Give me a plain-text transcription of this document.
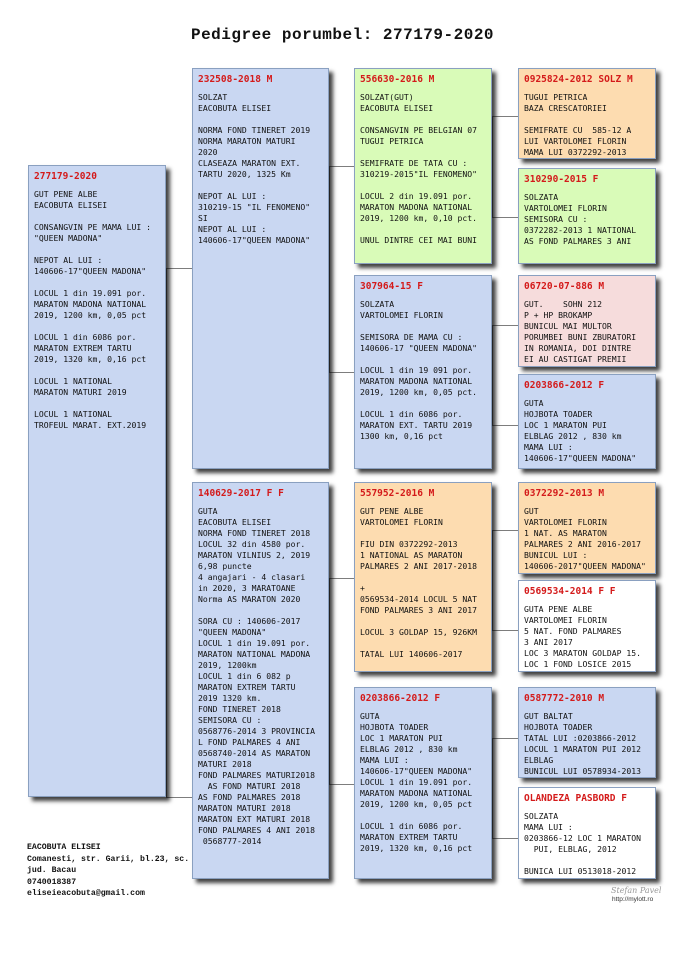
Pedigree porumbel: 277179-2020
277179-2020
GUT PENE ALBE
EACOBUTA ELISEI
CONSANGVIN PE MAMA LUI :
"QUEEN MADONA"
NEPOT AL LUI :
140606-17"QUEEN MADONA"
LOCUL 1 din 19.091 por.
MARATON MADONA NATIONAL
2019, 1200 km, 0,05 pct
LOCUL 1 din 6086 por.
MARATON EXTREM TARTU
2019, 1320 km, 0,16 pct
LOCUL 1 NATIONAL
MARATON MATURI 2019
LOCUL 1 NATIONAL
TROFEUL MARAT. EXT.2019
232508-2018 M
SOLZAT
EACOBUTA ELISEI
NORMA FOND TINERET 2019
NORMA MARATON MATURI
2020
CLASEAZA MARATON EXT.
TARTU 2020, 1325 Km
NEPOT AL LUI :
310219-15 "IL FENOMENO"
SI
NEPOT AL LUI :
140606-17"QUEEN MADONA"
140629-2017 F F
GUTA
EACOBUTA ELISEI
NORMA FOND TINERET 2018
LOCUL 32 din 4580 por.
MARATON VILNIUS 2, 2019
6,98 puncte
4 angajari - 4 clasari
in 2020, 3 MARATOANE
Norma AS MARATON 2020
SORA CU : 140606-2017
"QUEEN MADONA"
LOCUL 1 din 19.091 por.
MARATON NATIONAL MADONA
2019, 1200km
LOCUL 1 din 6 082 p
MARATON EXTREM TARTU
2019 1320 km.
FOND TINERET 2018
SEMISORA CU :
0568776-2014 3 PROVINCIA
L FOND PALMARES 4 ANI
0568740-2014 AS MARATON
MATURI 2018
FOND PALMARES MATURI2018
AS FOND MATURI 2018
AS FOND PALMARES 2018
MARATON MATURI 2018
MARATON EXT MATURI 2018
FOND PALMARES 4 ANI 2018
0568777-2014
556630-2016 M
SOLZAT(GUT)
EACOBUTA ELISEI
CONSANGVIN PE BELGIAN 07
TUGUI PETRICA
SEMIFRATE DE TATA CU :
310219-2015"IL FENOMENO"
LOCUL 2 din 19.091 por.
MARATON MADONA NATIONAL
2019, 1200 km, 0,10 pct.
UNUL DINTRE CEI MAI BUNI
307964-15 F
SOLZATA
VARTOLOMEI FLORIN
SEMISORA DE MAMA CU :
140606-17 "QUEEN MADONA"
LOCUL 1 din 19 091 por.
MARATON MADONA NATIONAL
2019, 1200 km, 0,05 pct.
LOCUL 1 din 6086 por.
MARATON EXT. TARTU 2019
1300 km, 0,16 pct
557952-2016 M
GUT PENE ALBE
VARTOLOMEI FLORIN
FIU DIN 0372292-2013
1 NATIONAL AS MARATON
PALMARES 2 ANI 2017-2018
+
0569534-2014 LOCUL 5 NAT
FOND PALMARES 3 ANI 2017
LOCUL 3 GOLDAP 15, 926KM
TATAL LUI 140606-2017
0203866-2012 F
GUTA
HOJBOTA TOADER
LOC 1 MARATON PUI
ELBLAG 2012 , 830 km
MAMA LUI :
140606-17"QUEEN MADONA"
LOCUL 1 din 19.091 por.
MARATON MADONA NATIONAL
2019, 1200 km, 0,05 pct
LOCUL 1 din 6086 por.
MARATON EXTREM TARTU
2019, 1320 km, 0,16 pct
0925824-2012 SOLZ M
TUGUI PETRICA
BAZA CRESCATORIEI
SEMIFRATE CU  585-12 A
LUI VARTOLOMEI FLORIN
MAMA LUI 0372292-2013
310290-2015 F
SOLZATA
VARTOLOMEI FLORIN
SEMISORA CU :
0372282-2013 1 NATIONAL
AS FOND PALMARES 3 ANI
06720-07-886 M
GUT.    SOHN 212
P + HP BROKAMP
BUNICUL MAI MULTOR
PORUMBEI BUNI ZBURATORI
IN ROMANIA, DOI DINTRE
EI AU CASTIGAT PREMII
0203866-2012 F
GUTA
HOJBOTA TOADER
LOC 1 MARATON PUI
ELBLAG 2012 , 830 km
MAMA LUI :
140606-17"QUEEN MADONA"
0372292-2013 M
GUT
VARTOLOMEI FLORIN
1 NAT. AS MARATON
PALMARES 2 ANI 2016-2017
BUNICUL LUI :
140606-2017"QUEEN MADONA"
0569534-2014 F F
GUTA PENE ALBE
VARTOLOMEI FLORIN
5 NAT. FOND PALMARES
3 ANI 2017
LOC 3 MARATON GOLDAP 15.
LOC 1 FOND LOSICE 2015
0587772-2010 M
GUT BALTAT
HOJBOTA TOADER
TATAL LUI :0203866-2012
LOCUL 1 MARATON PUI 2012
ELBLAG
BUNICUL LUI 0578934-2013
OLANDEZA PASBORD F
SOLZATA
MAMA LUI :
0203866-12 LOC 1 MARATON
PUI, ELBLAG, 2012
BUNICA LUI 0513018-2012
EACOBUTA ELISEI
Comanesti, str. Garii, bl.23, sc.
jud. Bacau
0740018387
eliseieacobuta@gmail.com	Stefan Pavel
http://mylott.ro
